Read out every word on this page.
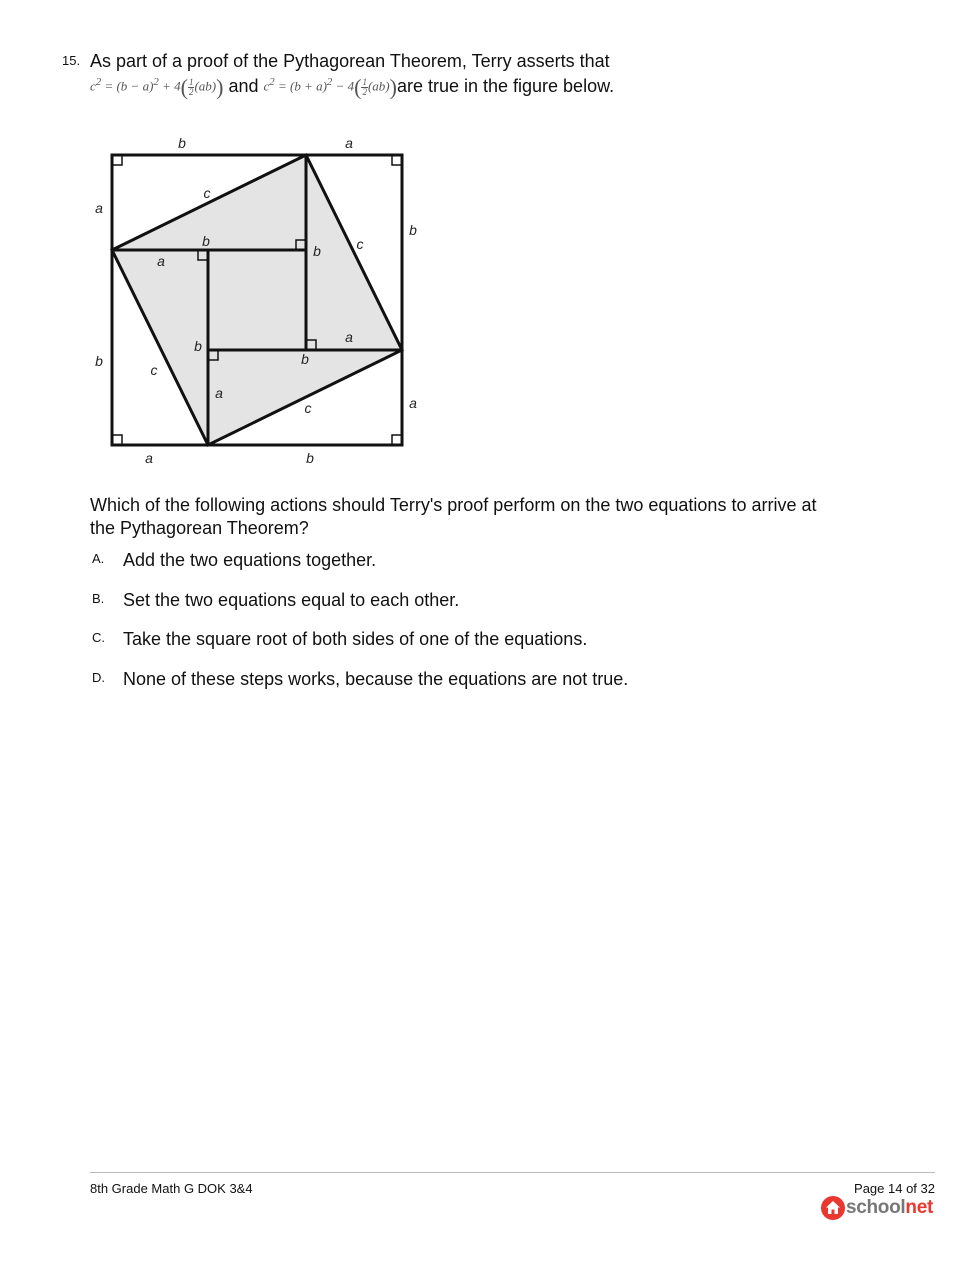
15. As part of a proof of the Pythagorean Theorem, Terry asserts that
$c^2 = (b - a)^2 + 4( \frac{1}{2} (ab))$ and $c^2 = (b + a)^2 - 4( \frac{1}{2} (ab))are$ true in the figure below.
b	a
a
b
b
a
a	b
c
c
c
c
b
a
b
a
b
b
a
Which of the following actions should Terry's proof perform on the two equations to arrive at the Pythagorean Theorem?
A. Add the two equations together.
B. Set the two equations equal to each other.
C. Take the square root of both sides of one of the equations.
D. None of these steps works, because the equations are not true.
8th Grade Math G DOK 3&4	Page 14 of 32
schoolnet
